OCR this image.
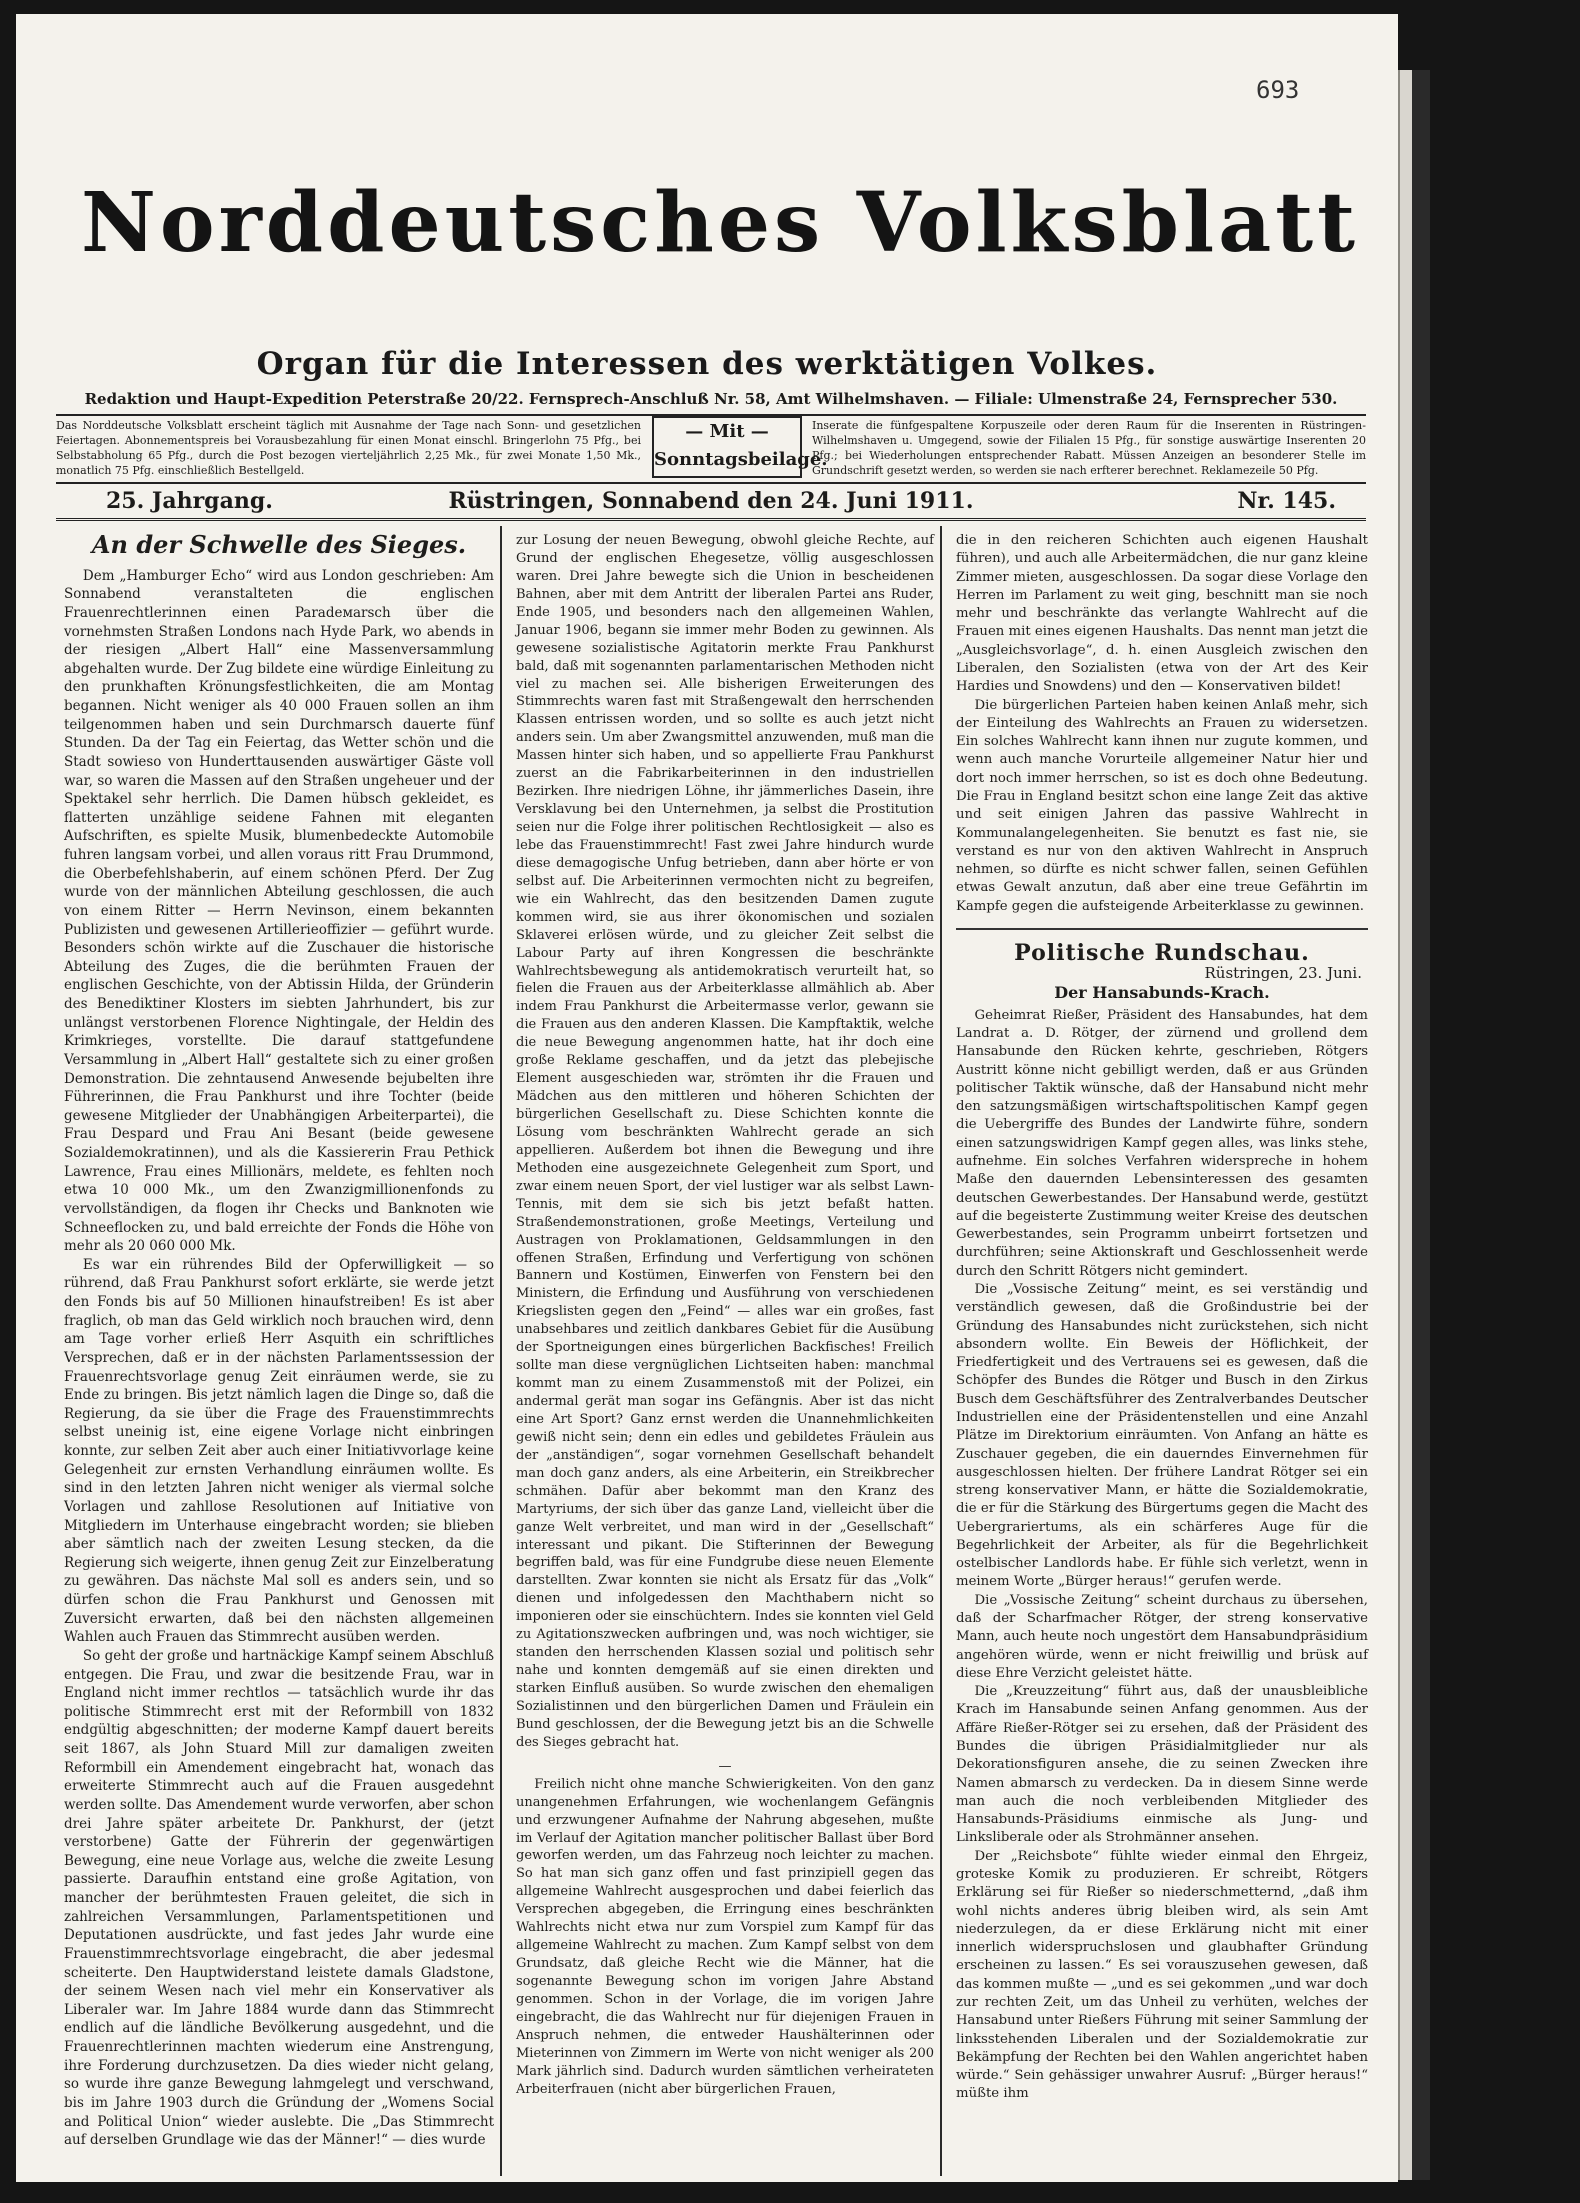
693
Norddeutsches Volksblatt
Organ für die Interessen des werktätigen Volkes.
Redaktion und Haupt-Expedition Peterstraße 20/22. Fernsprech-Anschluß Nr. 58, Amt Wilhelmshaven. — Filiale: Ulmenstraße 24, Fernsprecher 530.
Das Norddeutsche Volksblatt erscheint täglich mit Ausnahme der Tage nach Sonn- und gesetzlichen Feiertagen. Abonnementspreis bei Vorausbezahlung für einen Monat einschl. Bringerlohn 75 Pfg., bei Selbstabholung 65 Pfg., durch die Post bezogen vierteljährlich 2,25 Mk., für zwei Monate 1,50 Mk., monatlich 75 Pfg. einschließlich Bestellgeld.
— Mit —
Sonntagsbeilage.
Inserate die fünfgespaltene Korpuszeile oder deren Raum für die Inserenten in Rüstringen-Wilhelmshaven u. Umgegend, sowie der Filialen 15 Pfg., für sonstige auswärtige Inserenten 20 Pfg.; bei Wiederholungen entsprechender Rabatt. Müssen Anzeigen an besonderer Stelle im Grundschrift gesetzt werden, so werden sie nach erfterer berechnet. Reklamezeile 50 Pfg.
25. Jahrgang.	Rüstringen, Sonnabend den 24. Juni 1911.	Nr. 145.
An der Schwelle des Sieges.

Dem „Hamburger Echo“ wird aus London geschrieben: Am Sonnabend veranstalteten die englischen Frauenrechtlerinnen einen Paradeмarsch über die vornehmsten Straßen Londons nach Hyde Park, wo abends in der riesigen „Albert Hall“ eine Massenversammlung abgehalten wurde. Der Zug bildete eine würdige Einleitung zu den prunkhaften Krönungsfestlichkeiten, die am Montag begannen. Nicht weniger als 40 000 Frauen sollen an ihm teilgenommen haben und sein Durchmarsch dauerte fünf Stunden. Da der Tag ein Feiertag, das Wetter schön und die Stadt sowieso von Hunderttausenden auswärtiger Gäste voll war, so waren die Massen auf den Straßen ungeheuer und der Spektakel sehr herrlich. Die Damen hübsch gekleidet, es flatterten unzählige seidene Fahnen mit eleganten Aufschriften, es spielte Musik, blumenbedeckte Automobile fuhren langsam vorbei, und allen voraus ritt Frau Drummond, die Oberbefehlshaberin, auf einem schönen Pferd. Der Zug wurde von der männlichen Abteilung geschlossen, die auch von einem Ritter — Herrn Nevinson, einem bekannten Publizisten und gewesenen Artillerieoffizier — geführt wurde. Besonders schön wirkte auf die Zuschauer die historische Abteilung des Zuges, die die berühmten Frauen der englischen Geschichte, von der Abtissin Hilda, der Gründerin des Benediktiner Klosters im siebten Jahrhundert, bis zur unlängst verstorbenen Florence Nightingale, der Heldin des Krimkrieges, vorstellte. Die darauf stattgefundene Versammlung in „Albert Hall“ gestaltete sich zu einer großen Demonstration. Die zehntausend Anwesende bejubelten ihre Führerinnen, die Frau Pankhurst und ihre Tochter (beide gewesene Mitglieder der Unabhängigen Arbeiterpartei), die Frau Despard und Frau Ani Besant (beide gewesene Sozialdemokratinnen), und als die Kassiererin Frau Pethick Lawrence, Frau eines Millionärs, meldete, es fehlten noch etwa 10 000 Mk., um den Zwanzigmillionenfonds zu vervollständigen, da flogen ihr Checks und Banknoten wie Schneeflocken zu, und bald erreichte der Fonds die Höhe von mehr als 20 060 000 Mk.

Es war ein rührendes Bild der Opferwilligkeit — so rührend, daß Frau Pankhurst sofort erklärte, sie werde jetzt den Fonds bis auf 50 Millionen hinaufstreiben! Es ist aber fraglich, ob man das Geld wirklich noch brauchen wird, denn am Tage vorher erließ Herr Asquith ein schriftliches Versprechen, daß er in der nächsten Parlamentssession der Frauenrechtsvorlage genug Zeit einräumen werde, sie zu Ende zu bringen. Bis jetzt nämlich lagen die Dinge so, daß die Regierung, da sie über die Frage des Frauenstimmrechts selbst uneinig ist, eine eigene Vorlage nicht einbringen konnte, zur selben Zeit aber auch einer Initiativvorlage keine Gelegenheit zur ernsten Verhandlung einräumen wollte. Es sind in den letzten Jahren nicht weniger als viermal solche Vorlagen und zahllose Resolutionen auf Initiative von Mitgliedern im Unterhause eingebracht worden; sie blieben aber sämtlich nach der zweiten Lesung stecken, da die Regierung sich weigerte, ihnen genug Zeit zur Einzelberatung zu gewähren. Das nächste Mal soll es anders sein, und so dürfen schon die Frau Pankhurst und Genossen mit Zuversicht erwarten, daß bei den nächsten allgemeinen Wahlen auch Frauen das Stimmrecht ausüben werden.

So geht der große und hartnäckige Kampf seinem Abschluß entgegen. Die Frau, und zwar die besitzende Frau, war in England nicht immer rechtlos — tatsächlich wurde ihr das politische Stimmrecht erst mit der Reformbill von 1832 endgültig abgeschnitten; der moderne Kampf dauert bereits seit 1867, als John Stuard Mill zur damaligen zweiten Reformbill ein Amendement eingebracht hat, wonach das erweiterte Stimmrecht auch auf die Frauen ausgedehnt werden sollte. Das Amendement wurde verworfen, aber schon drei Jahre später arbeitete Dr. Pankhurst, der (jetzt verstorbene) Gatte der Führerin der gegenwärtigen Bewegung, eine neue Vorlage aus, welche die zweite Lesung passierte. Daraufhin entstand eine große Agitation, von mancher der berühmtesten Frauen geleitet, die sich in zahlreichen Versammlungen, Parlamentspetitionen und Deputationen ausdrückte, und fast jedes Jahr wurde eine Frauenstimmrechtsvorlage eingebracht, die aber jedesmal scheiterte. Den Hauptwiderstand leistete damals Gladstone, der seinem Wesen nach viel mehr ein Konservativer als Liberaler war. Im Jahre 1884 wurde dann das Stimmrecht endlich auf die ländliche Bevölkerung ausgedehnt, und die Frauenrechtlerinnen machten wiederum eine Anstrengung, ihre Forderung durchzusetzen. Da dies wieder nicht gelang, so wurde ihre ganze Bewegung lahmgelegt und verschwand, bis im Jahre 1903 durch die Gründung der „Womens Social and Political Union“ wieder auslebte. Die „Das Stimmrecht auf derselben Grundlage wie das der Männer!“ — dies wurde

zur Losung der neuen Bewegung, obwohl gleiche Rechte, auf Grund der englischen Ehegesetze, völlig ausgeschlossen waren. Drei Jahre bewegte sich die Union in bescheidenen Bahnen, aber mit dem Antritt der liberalen Partei ans Ruder, Ende 1905, und besonders nach den allgemeinen Wahlen, Januar 1906, begann sie immer mehr Boden zu gewinnen. Als gewesene sozialistische Agitatorin merkte Frau Pankhurst bald, daß mit sogenannten parlamentarischen Methoden nicht viel zu machen sei. Alle bisherigen Erweiterungen des Stimmrechts waren fast mit Straßengewalt den herrschenden Klassen entrissen worden, und so sollte es auch jetzt nicht anders sein. Um aber Zwangsmittel anzuwenden, muß man die Massen hinter sich haben, und so appellierte Frau Pankhurst zuerst an die Fabrikarbeiterinnen in den industriellen Bezirken. Ihre niedrigen Löhne, ihr jämmerliches Dasein, ihre Versklavung bei den Unternehmen, ja selbst die Prostitution seien nur die Folge ihrer politischen Rechtlosigkeit — also es lebe das Frauenstimmrecht! Fast zwei Jahre hindurch wurde diese demagogische Unfug betrieben, dann aber hörte er von selbst auf. Die Arbeiterinnen vermochten nicht zu begreifen, wie ein Wahlrecht, das den besitzenden Damen zugute kommen wird, sie aus ihrer ökonomischen und sozialen Sklaverei erlösen würde, und zu gleicher Zeit selbst die Labour Party auf ihren Kongressen die beschränkte Wahlrechtsbewegung als antidemokratisch verurteilt hat, so fielen die Frauen aus der Arbeiterklasse allmählich ab. Aber indem Frau Pankhurst die Arbeitermasse verlor, gewann sie die Frauen aus den anderen Klassen. Die Kampftaktik, welche die neue Bewegung angenommen hatte, hat ihr doch eine große Reklame geschaffen, und da jetzt das plebejische Element ausgeschieden war, strömten ihr die Frauen und Mädchen aus den mittleren und höheren Schichten der bürgerlichen Gesellschaft zu. Diese Schichten konnte die Lösung vom beschränkten Wahlrecht gerade an sich appellieren. Außerdem bot ihnen die Bewegung und ihre Methoden eine ausgezeichnete Gelegenheit zum Sport, und zwar einem neuen Sport, der viel lustiger war als selbst Lawn-Tennis, mit dem sie sich bis jetzt befaßt hatten. Straßendemonstrationen, große Meetings, Verteilung und Austragen von Proklamationen, Geldsammlungen in den offenen Straßen, Erfindung und Verfertigung von schönen Bannern und Kostümen, Einwerfen von Fenstern bei den Ministern, die Erfindung und Ausführung von verschiedenen Kriegslisten gegen den „Feind“ — alles war ein großes, fast unabsehbares und zeitlich dankbares Gebiet für die Ausübung der Sportneigungen eines bürgerlichen Backfisches! Freilich sollte man diese vergnüglichen Lichtseiten haben: manchmal kommt man zu einem Zusammenstoß mit der Polizei, ein andermal gerät man sogar ins Gefängnis. Aber ist das nicht eine Art Sport? Ganz ernst werden die Unannehmlichkeiten gewiß nicht sein; denn ein edles und gebildetes Fräulein aus der „anständigen“, sogar vornehmen Gesellschaft behandelt man doch ganz anders, als eine Arbeiterin, ein Streikbrecher schmähen. Dafür aber bekommt man den Kranz des Martyriums, der sich über das ganze Land, vielleicht über die ganze Welt verbreitet, und man wird in der „Gesellschaft“ interessant und pikant. Die Stifterinnen der Bewegung begriffen bald, was für eine Fundgrube diese neuen Elemente darstellten. Zwar konnten sie nicht als Ersatz für das „Volk“ dienen und infolgedessen den Machthabern nicht so imponieren oder sie einschüchtern. Indes sie konnten viel Geld zu Agitationszwecken aufbringen und, was noch wichtiger, sie standen den herrschenden Klassen sozial und politisch sehr nahe und konnten demgemäß auf sie einen direkten und starken Einfluß ausüben. So wurde zwischen den ehemaligen Sozialistinnen und den bürgerlichen Damen und Fräulein ein Bund geschlossen, der die Bewegung jetzt bis an die Schwelle des Sieges gebracht hat.

—

Freilich nicht ohne manche Schwierigkeiten. Von den ganz unangenehmen Erfahrungen, wie wochenlangem Gefängnis und erzwungener Aufnahme der Nahrung abgesehen, mußte im Verlauf der Agitation mancher politischer Ballast über Bord geworfen werden, um das Fahrzeug noch leichter zu machen. So hat man sich ganz offen und fast prinzipiell gegen das allgemeine Wahlrecht ausgesprochen und dabei feierlich das Versprechen abgegeben, die Erringung eines beschränkten Wahlrechts nicht etwa nur zum Vorspiel zum Kampf für das allgemeine Wahlrecht zu machen. Zum Kampf selbst von dem Grundsatz, daß gleiche Recht wie die Männer, hat die sogenannte Bewegung schon im vorigen Jahre Abstand genommen. Schon in der Vorlage, die im vorigen Jahre eingebracht, die das Wahlrecht nur für diejenigen Frauen in Anspruch nehmen, die entweder Haushälterinnen oder Mieterinnen von Zimmern im Werte von nicht weniger als 200 Mark jährlich sind. Dadurch wurden sämtlichen verheirateten Arbeiterfrauen (nicht aber bürgerlichen Frauen,

die in den reicheren Schichten auch eigenen Haushalt führen), und auch alle Arbeitermädchen, die nur ganz kleine Zimmer mieten, ausgeschlossen. Da sogar diese Vorlage den Herren im Parlament zu weit ging, beschnitt man sie noch mehr und beschränkte das verlangte Wahlrecht auf die Frauen mit eines eigenen Haushalts. Das nennt man jetzt die „Ausgleichsvorlage“, d. h. einen Ausgleich zwischen den Liberalen, den Sozialisten (etwa von der Art des Keir Hardies und Snowdens) und den — Konservativen bildet!

Die bürgerlichen Parteien haben keinen Anlaß mehr, sich der Einteilung des Wahlrechts an Frauen zu widersetzen. Ein solches Wahlrecht kann ihnen nur zugute kommen, und wenn auch manche Vorurteile allgemeiner Natur hier und dort noch immer herrschen, so ist es doch ohne Bedeutung. Die Frau in England besitzt schon eine lange Zeit das aktive und seit einigen Jahren das passive Wahlrecht in Kommunalangelegenheiten. Sie benutzt es fast nie, sie verstand es nur von den aktiven Wahlrecht in Anspruch nehmen, so dürfte es nicht schwer fallen, seinen Gefühlen etwas Gewalt anzutun, daß aber eine treue Gefährtin im Kampfe gegen die aufsteigende Arbeiterklasse zu gewinnen.

Politische Rundschau.
Rüstringen, 23. Juni.
Der Hansabunds-Krach.

Geheimrat Rießer, Präsident des Hansabundes, hat dem Landrat a. D. Rötger, der zürnend und grollend dem Hansabunde den Rücken kehrte, geschrieben, Rötgers Austritt könne nicht gebilligt werden, daß er aus Gründen politischer Taktik wünsche, daß der Hansabund nicht mehr den satzungsmäßigen wirtschaftspolitischen Kampf gegen die Uebergriffe des Bundes der Landwirte führe, sondern einen satzungswidrigen Kampf gegen alles, was links stehe, aufnehme. Ein solches Verfahren widerspreche in hohem Maße den dauernden Lebensinteressen des gesamten deutschen Gewerbestandes. Der Hansabund werde, gestützt auf die begeisterte Zustimmung weiter Kreise des deutschen Gewerbestandes, sein Programm unbeirrt fortsetzen und durchführen; seine Aktionskraft und Geschlossenheit werde durch den Schritt Rötgers nicht gemindert.

Die „Vossische Zeitung“ meint, es sei verständig und verständlich gewesen, daß die Großindustrie bei der Gründung des Hansabundes nicht zurückstehen, sich nicht absondern wollte. Ein Beweis der Höflichkeit, der Friedfertigkeit und des Vertrauens sei es gewesen, daß die Schöpfer des Bundes die Rötger und Busch in den Zirkus Busch dem Geschäftsführer des Zentralverbandes Deutscher Industriellen eine der Präsidentenstellen und eine Anzahl Plätze im Direktorium einräumten. Von Anfang an hätte es Zuschauer gegeben, die ein dauerndes Einvernehmen für ausgeschlossen hielten. Der frühere Landrat Rötger sei ein streng konservativer Mann, er hätte die Sozialdemokratie, die er für die Stärkung des Bürgertums gegen die Macht des Uebergrariertums, als ein schärferes Auge für die Begehrlichkeit der Arbeiter, als für die Begehrlichkeit ostelbischer Landlords habe. Er fühle sich verletzt, wenn in meinem Worte „Bürger heraus!“ gerufen werde.

Die „Vossische Zeitung“ scheint durchaus zu übersehen, daß der Scharfmacher Rötger, der streng konservative Mann, auch heute noch ungestört dem Hansabundpräsidium angehören würde, wenn er nicht freiwillig und brüsk auf diese Ehre Verzicht geleistet hätte.

Die „Kreuzzeitung“ führt aus, daß der unausbleibliche Krach im Hansabunde seinen Anfang genommen. Aus der Affäre Rießer-Rötger sei zu ersehen, daß der Präsident des Bundes die übrigen Präsidialmitglieder nur als Dekorationsfiguren ansehe, die zu seinen Zwecken ihre Namen abmarsch zu verdecken. Da in diesem Sinne werde man auch die noch verbleibenden Mitglieder des Hansabunds-Präsidiums einmische als Jung- und Linksliberale oder als Strohmänner ansehen.

Der „Reichsbote“ fühlte wieder einmal den Ehrgeiz, groteske Komik zu produzieren. Er schreibt, Rötgers Erklärung sei für Rießer so niederschmetternd, „daß ihm wohl nichts anderes übrig bleiben wird, als sein Amt niederzulegen, da er diese Erklärung nicht mit einer innerlich widerspruchslosen und glaubhafter Gründung erscheinen zu lassen.“ Es sei vorauszusehen gewesen, daß das kommen mußte — „und es sei gekommen „und war doch zur rechten Zeit, um das Unheil zu verhüten, welches der Hansabund unter Rießers Führung mit seiner Sammlung der linksstehenden Liberalen und der Sozialdemokratie zur Bekämpfung der Rechten bei den Wahlen angerichtet haben würde.“ Sein gehässiger unwahrer Ausruf: „Bürger heraus!“ müßte ihm
